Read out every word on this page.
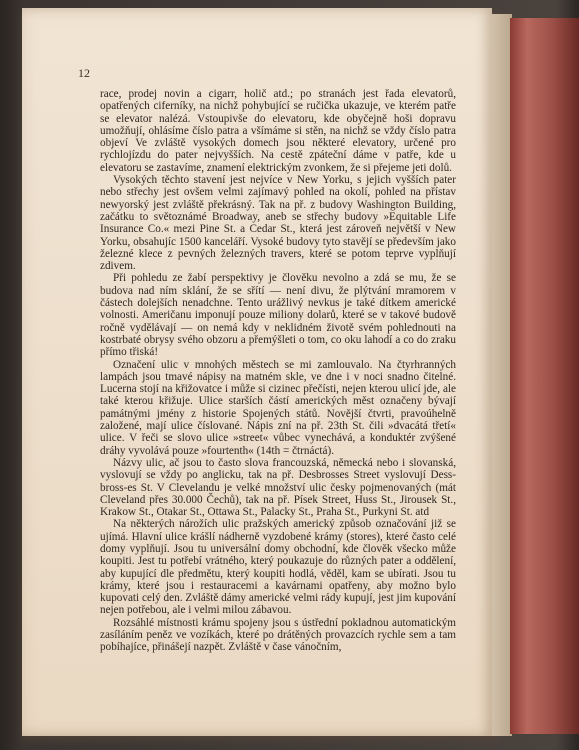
12

race, prodej novin a cigarr, holič atd.; po stranách jest řada elevatorů, opatřených ciferníky, na nichž pohybující se ručička ukazuje, ve kterém patře se elevator nalézá. Vstoupivše do elevatoru, kde obyčejně hoši dopravu umožňují, ohlásíme číslo patra a všímáme si stěn, na nichž se vždy číslo patra objeví Ve zvláště vysokých domech jsou některé elevatory, určené pro rychlojízdu do pater nejvyšších. Na cestě zpáteční dáme v patře, kde u elevatoru se zastavíme, znamení elektrickým zvonkem, že si přejeme jeti dolů.

Vysokých těchto stavení jest nejvíce v New Yorku, s jejich vyšších pater nebo střechy jest ovšem velmi zajímavý pohled na okolí, pohled na přístav newyorský jest zvláště překrásný. Tak na př. z budovy Washington Building, začátku to světoznámé Broadway, aneb se střechy budovy »Equitable Life Insurance Co.« mezi Pine St. a Cedar St., která jest zároveň největší v New Yorku, obsahujíc 1500 kanceláří. Vysoké budovy tyto stavějí se především jako železné klece z pevných železných travers, které se potom teprve vyplňují zdivem.

Při pohledu ze žabí perspektivy je člověku nevolno a zdá se mu, že se budova nad ním sklání, že se sřítí — není divu, že plýtvání mramorem v částech dolejších nenadchne. Tento urážlivý nevkus je také dítkem americké volnosti. Američanu imponují pouze miliony dolarů, které se v takové budově ročně vydělávají — on nemá kdy v neklidném životě svém pohlednouti na kostrbaté obrysy svého obzoru a přemýšleti o tom, co oku lahodí a co do zraku přímo třiská!

Označení ulic v mnohých městech se mi zamlouvalo. Na čtyrhranných lampách jsou tmavé nápisy na matném skle, ve dne i v noci snadno čitelné. Lucerna stojí na křižovatce i může si cizinec přečísti, nejen kterou ulicí jde, ale také kterou křižuje. Ulice starších částí amerických měst označeny bývají památnými jmény z historie Spojených států. Novější čtvrti, pravoúhelně založené, mají ulice číslované. Nápis zní na př. 23th St. čili »dvacátá třetí« ulice. V řeči se slovo ulice »street« vůbec vynechává, a konduktér zvýšené dráhy vyvolává pouze »fourtenth« (14th = čtrnáctá).

Názvy ulic, ač jsou to často slova francouzská, německá nebo i slovanská, vyslovují se vždy po anglicku, tak na př. Desbrosses Street vyslovují Dess-bross-es St. V Clevelandu je velké množství ulic česky pojmenovaných (mát Cleveland přes 30.000 Čechů), tak na př. Písek Street, Huss St., Jirousek St., Krakow St., Otakar St., Ottawa St., Palacky St., Praha St., Purkyni St. atd

Na některých nárožích ulic pražských americký způsob označování již se ujímá. Hlavní ulice krášlí nádherně vyzdobené krámy (stores), které často celé domy vyplňují. Jsou tu universální domy obchodní, kde člověk všecko může koupiti. Jest tu potřebí vrátného, který poukazuje do různých pater a oddělení, aby kupující dle předmětu, který koupiti hodlá, věděl, kam se ubírati. Jsou tu krámy, které jsou i restauracemi a kavárnami opatřeny, aby možno bylo kupovati celý den. Zvláště dámy americké velmi rády kupují, jest jim kupování nejen potřebou, ale i velmi milou zábavou.

Rozsáhlé místnosti krámu spojeny jsou s ústřední pokladnou automatickým zasíláním peněz ve vozíkách, které po drátěných provazcích rychle sem a tam pobíhajíce, přinášejí nazpět. Zvláště v čase vánočním,
